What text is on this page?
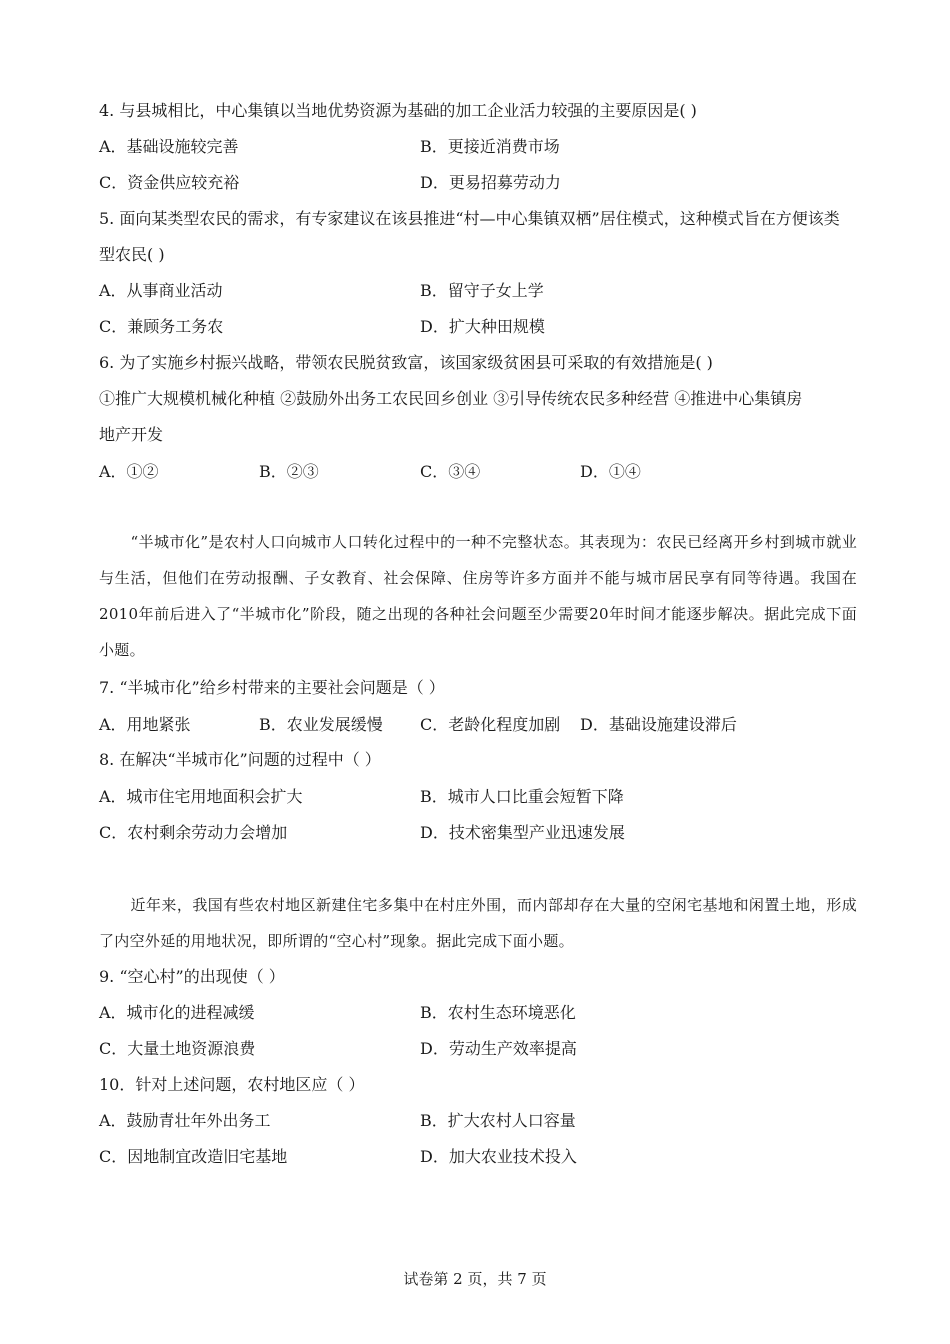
4. 与县城相比，中心集镇以当地优势资源为基础的加工企业活力较强的主要原因是( )
A．基础设施较完善	B．更接近消费市场
C．资金供应较充裕	D．更易招募劳动力
5. 面向某类型农民的需求，有专家建议在该县推进“村—中心集镇双栖”居住模式，这种模式旨在方便该类
型农民( )
A．从事商业活动	B．留守子女上学
C．兼顾务工务农	D．扩大种田规模
6. 为了实施乡村振兴战略，带领农民脱贫致富，该国家级贫困县可采取的有效措施是( )
①推广大规模机械化种植 ②鼓励外出务工农民回乡创业 ③引导传统农民多种经营 ④推进中心集镇房
地产开发
A．①②	B．②③	C．③④	D．①④
“半城市化”是农村人口向城市人口转化过程中的一种不完整状态。其表现为：农民已经离开乡村到城市就业与生活，但他们在劳动报酬、子女教育、社会保障、住房等许多方面并不能与城市居民享有同等待遇。我国在2010年前后进入了“半城市化”阶段，随之出现的各种社会问题至少需要20年时间才能逐步解决。据此完成下面小题。
7. “半城市化”给乡村带来的主要社会问题是（ ）
A．用地紧张	B．农业发展缓慢 C．老龄化程度加剧 D．基础设施建设滞后
8. 在解决“半城市化”问题的过程中（ ）
A．城市住宅用地面积会扩大	B．城市人口比重会短暂下降
C．农村剩余劳动力会增加	D．技术密集型产业迅速发展
近年来，我国有些农村地区新建住宅多集中在村庄外围，而内部却存在大量的空闲宅基地和闲置土地，形成了内空外延的用地状况，即所谓的“空心村”现象。据此完成下面小题。
9. “空心村”的出现使（ ）
A．城市化的进程减缓	B．农村生态环境恶化
C．大量土地资源浪费	D．劳动生产效率提高
10．针对上述问题，农村地区应（ ）
A．鼓励青壮年外出务工	B．扩大农村人口容量
C．因地制宜改造旧宅基地	D．加大农业技术投入
试卷第 2 页，共 7 页
